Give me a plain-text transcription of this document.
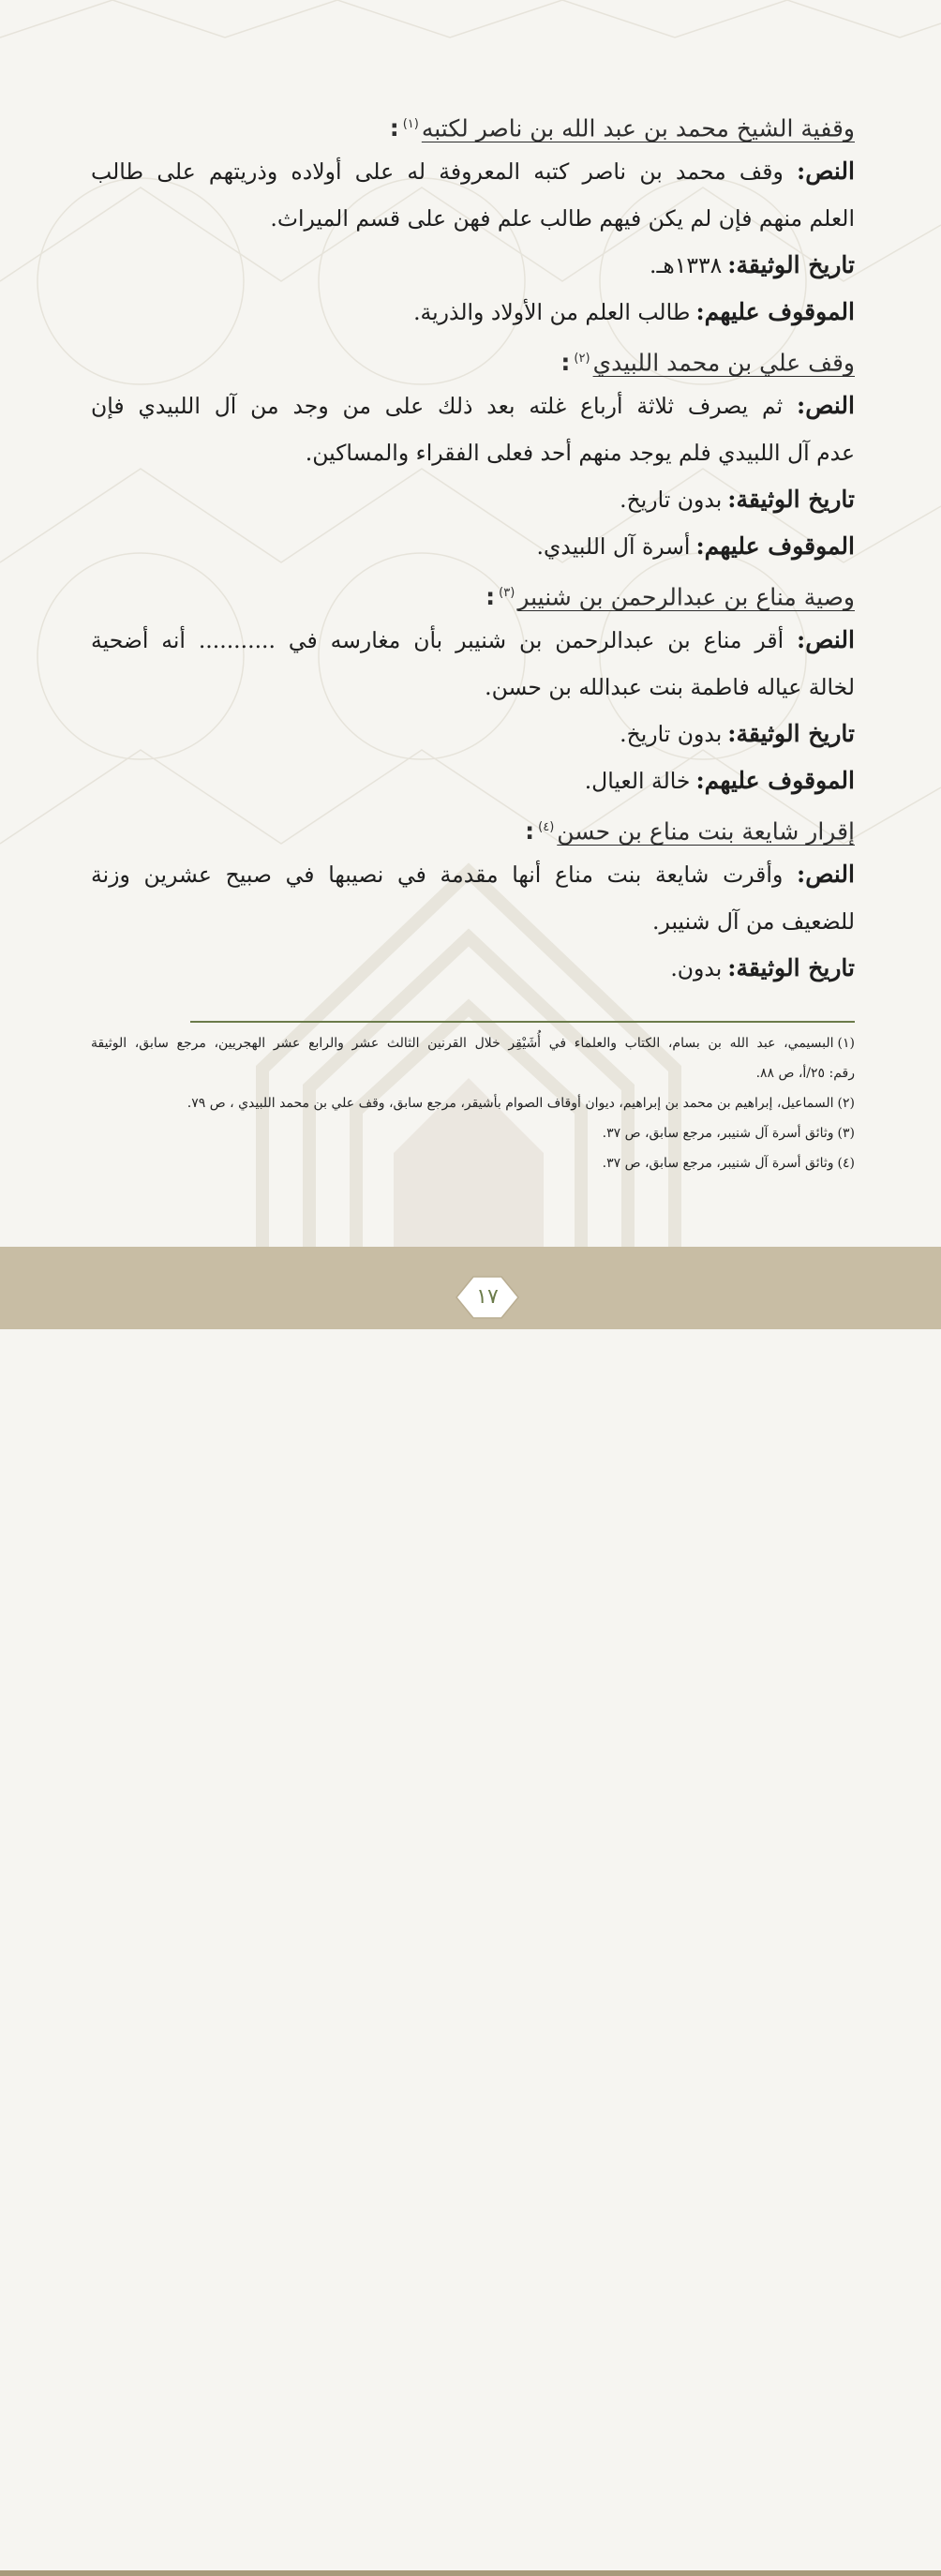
وقفية الشيخ محمد بن عبد الله بن ناصر لكتبه$^{(١)}$:
النص: وقف محمد بن ناصر كتبه المعروفة له على أولاده وذريتهم على طالب
العلم منهم فإن لم يكن فيهم طالب علم فهن على قسم الميراث.
تاريخ الوثيقة:١٣٣٨هـ.
الموقوف عليهم:طالب العلم من الأولاد والذرية.
وقف علي بن محمد اللبيدي$^{(٢)}$:
النص: ثم يصرف ثلاثة أرباع غلته بعد ذلك على من وجد من آل اللبيدي فإن
عدم آل اللبيدي فلم يوجد منهم أحد فعلى الفقراء والمساكين.
تاريخ الوثيقة:بدون تاريخ.
الموقوف عليهم:أسرة آل اللبيدي.
وصية مناع بن عبدالرحمن بن شنيبر$^{(٣)}$:
النص: أقر مناع بن عبدالرحمن بن شنيبر بأن مغارسه في ........... أنه أضحية
لخالة عياله فاطمة بنت عبدالله بن حسن.
تاريخ الوثيقة:بدون تاريخ.
الموقوف عليهم:خالة العيال.
إقرار شايعة بنت مناع بن حسن$^{(٤)}$:
النص: وأقرت شايعة بنت مناع أنها مقدمة في نصيبها في صبيح عشرين وزنة
للضعيف من آل شنيبر.
تاريخ الوثيقة:بدون.
(١)البسيمي، عبد الله بن بسام، الكتاب والعلماء في أُشَيْقِر خلال القرنين الثالث عشر والرابع عشر الهجريين، مرجع سابق، الوثيقة
رقم: ٢٥/أ، ص ٨٨.
(٢)السماعيل، إبراهيم بن محمد بن إبراهيم، ديوان أوقاف الصوام بأشيقر، مرجع سابق، وقف علي بن محمد اللبيدي ، ص ٧٩.
(٣)وثائق أسرة آل شنيبر، مرجع سابق، ص ٣٧.
(٤)وثائق أسرة آل شنيبر، مرجع سابق، ص ٣٧.
١٧
